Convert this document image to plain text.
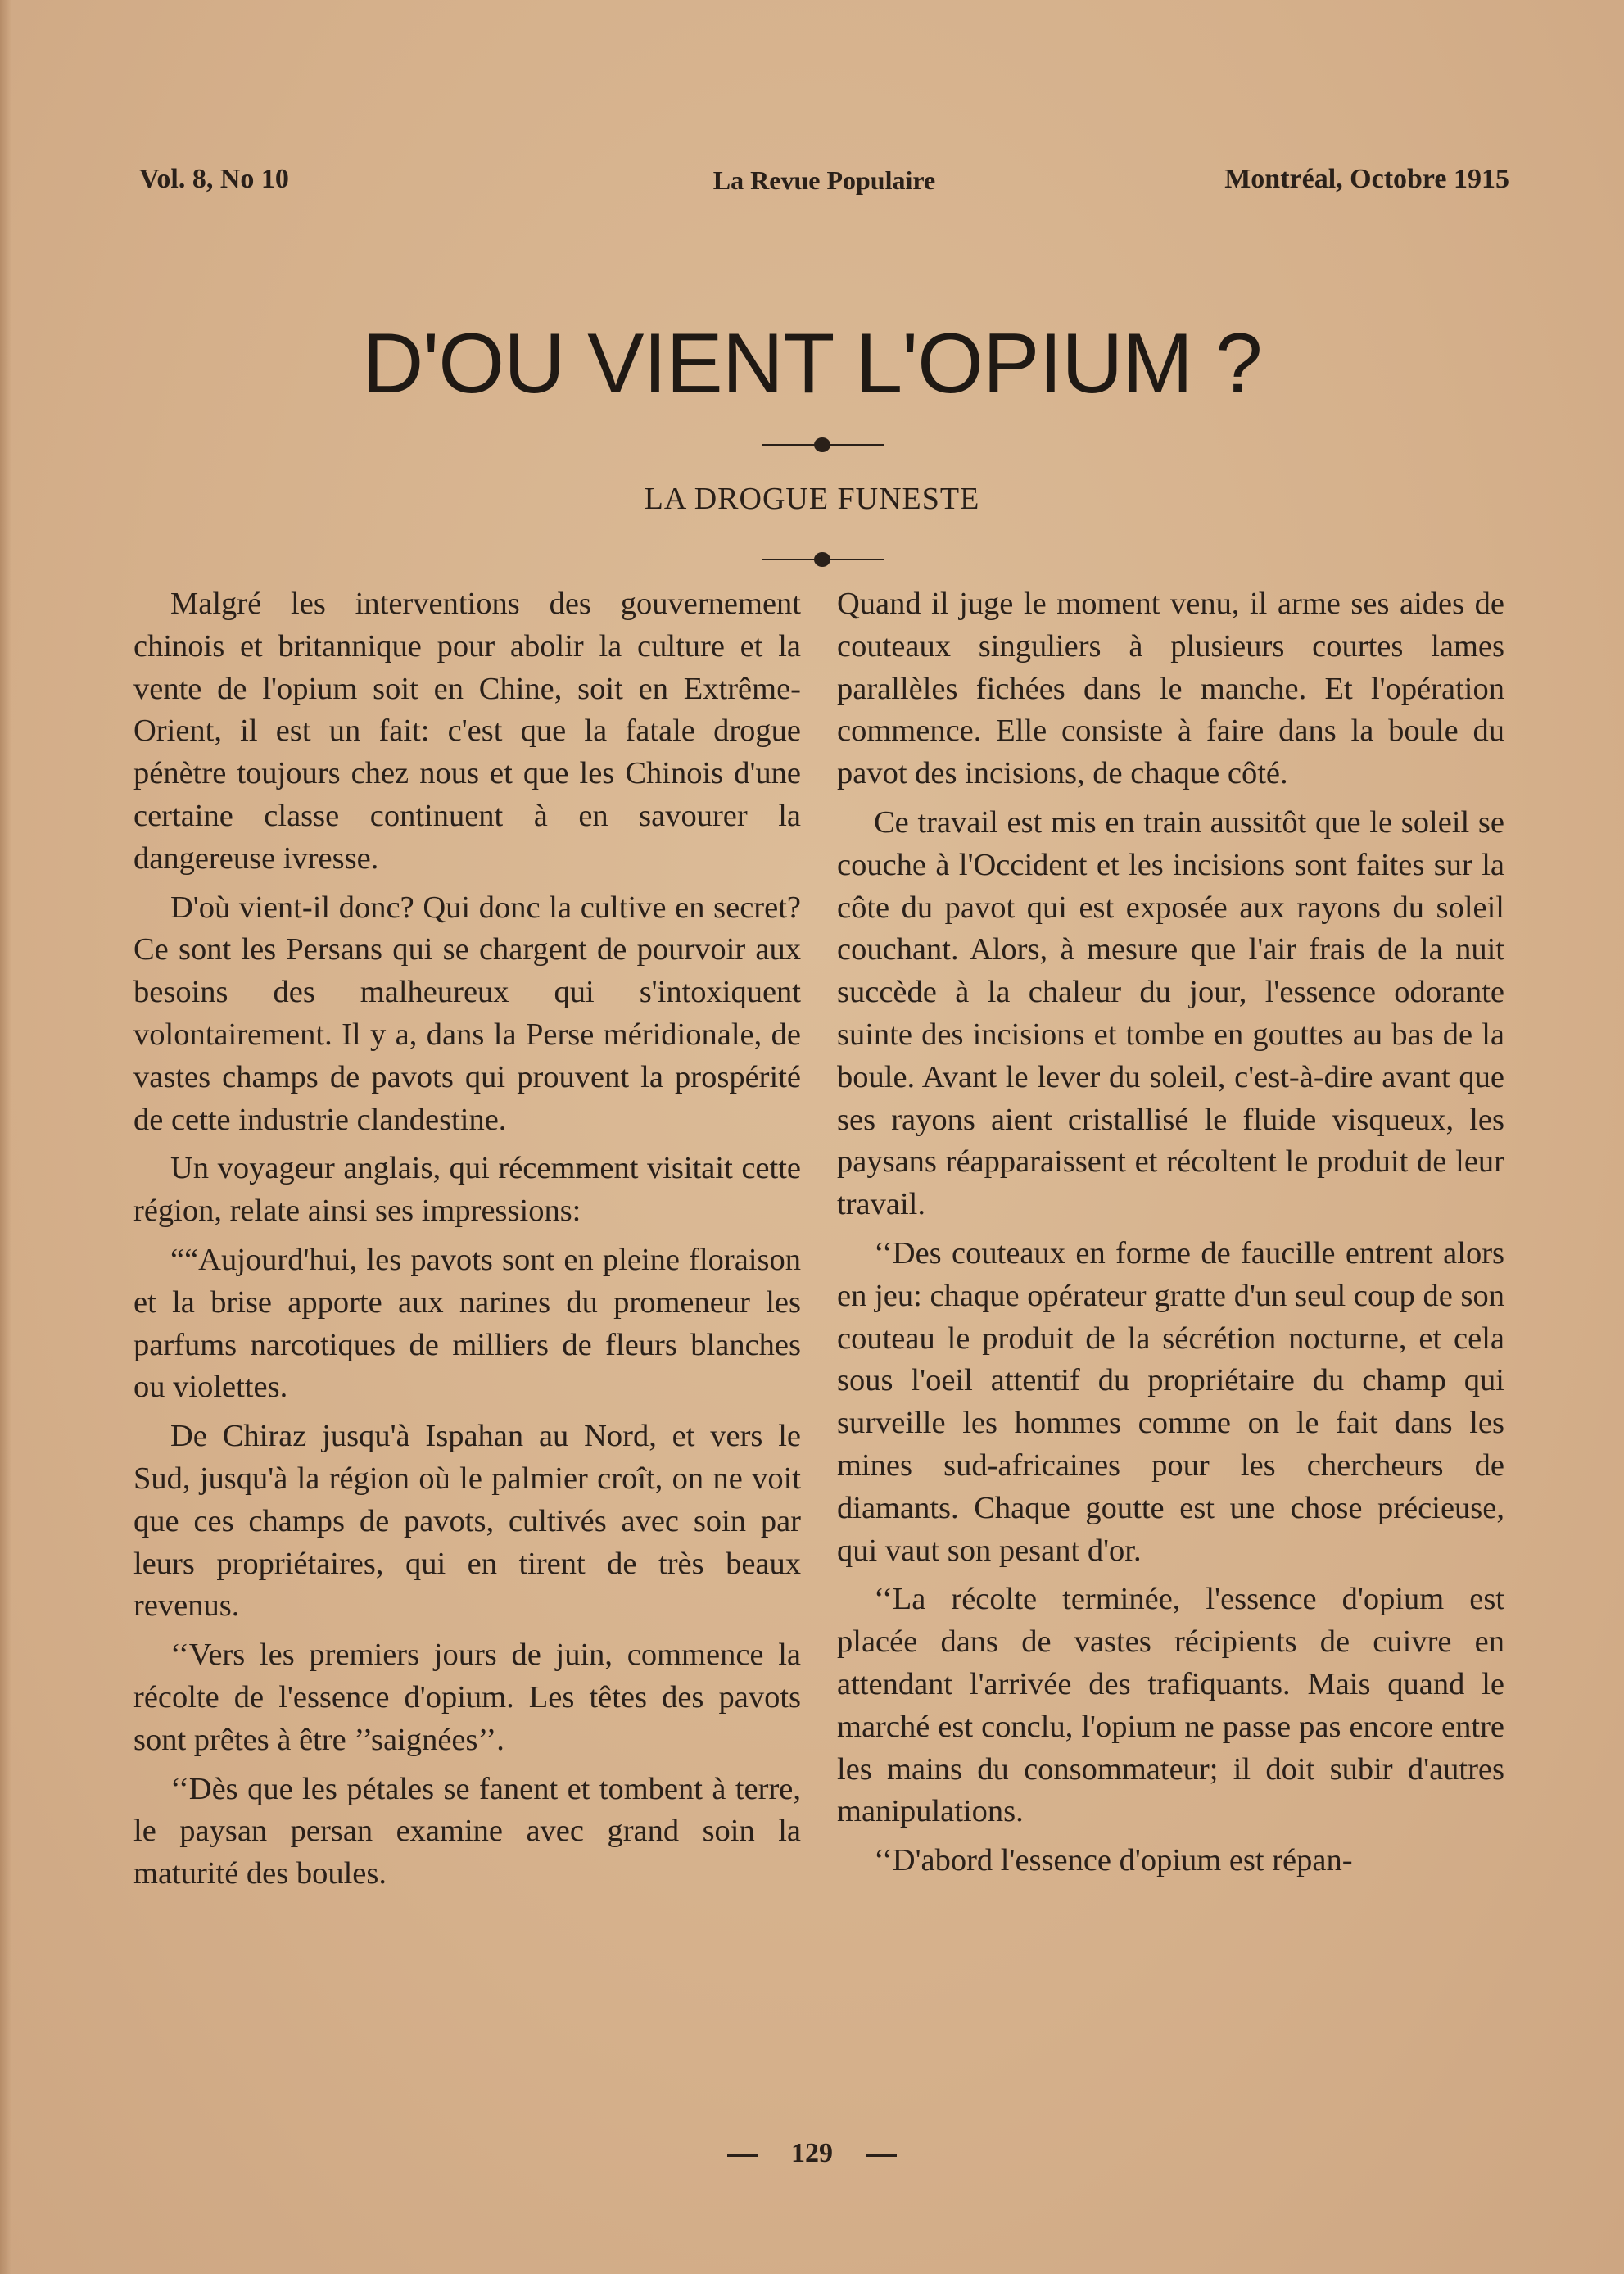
Vol. 8, No 10	La Revue Populaire	Montréal, Octobre 1915
D'OU VIENT L'OPIUM ?
LA DROGUE FUNESTE

Malgré les interventions des gouvernement chinois et britannique pour abolir la culture et la vente de l'opium soit en Chine, soit en Extrême-Orient, il est un fait: c'est que la fatale drogue pénètre toujours chez nous et que les Chinois d'une certaine classe continuent à en savourer la dangereuse ivresse.

D'où vient-il donc? Qui donc la cultive en secret? Ce sont les Persans qui se chargent de pourvoir aux besoins des malheureux qui s'intoxiquent volontairement. Il y a, dans la Perse méridionale, de vastes champs de pavots qui prouvent la prospérité de cette industrie clandestine.

Un voyageur anglais, qui récemment visitait cette région, relate ainsi ses impressions:

““Aujourd'hui, les pavots sont en pleine floraison et la brise apporte aux narines du promeneur les parfums narcotiques de milliers de fleurs blanches ou violettes.

De Chiraz jusqu'à Ispahan au Nord, et vers le Sud, jusqu'à la région où le palmier croît, on ne voit que ces champs de pavots, cultivés avec soin par leurs propriétaires, qui en tirent de très beaux revenus.

‘‘Vers les premiers jours de juin, commence la récolte de l'essence d'opium. Les têtes des pavots sont prêtes à être ’’saignées’’.

‘‘Dès que les pétales se fanent et tombent à terre, le paysan persan examine avec grand soin la maturité des boules.

Quand il juge le moment venu, il arme ses aides de couteaux singuliers à plusieurs courtes lames parallèles fichées dans le manche. Et l'opération commence. Elle consiste à faire dans la boule du pavot des incisions, de chaque côté.

Ce travail est mis en train aussitôt que le soleil se couche à l'Occident et les incisions sont faites sur la côte du pavot qui est exposée aux rayons du soleil couchant. Alors, à mesure que l'air frais de la nuit succède à la chaleur du jour, l'essence odorante suinte des incisions et tombe en gouttes au bas de la boule. Avant le lever du soleil, c'est-à-dire avant que ses rayons aient cristallisé le fluide visqueux, les paysans réapparaissent et récoltent le produit de leur travail.

‘‘Des couteaux en forme de faucille entrent alors en jeu: chaque opérateur gratte d'un seul coup de son couteau le produit de la sécrétion nocturne, et cela sous l'oeil attentif du propriétaire du champ qui surveille les hommes comme on le fait dans les mines sud-africaines pour les chercheurs de diamants. Chaque goutte est une chose précieuse, qui vaut son pesant d'or.

‘‘La récolte terminée, l'essence d'opium est placée dans de vastes récipients de cuivre en attendant l'arrivée des trafiquants. Mais quand le marché est conclu, l'opium ne passe pas encore entre les mains du consommateur; il doit subir d'autres manipulations.

‘‘D'abord l'essence d'opium est répan-

129
